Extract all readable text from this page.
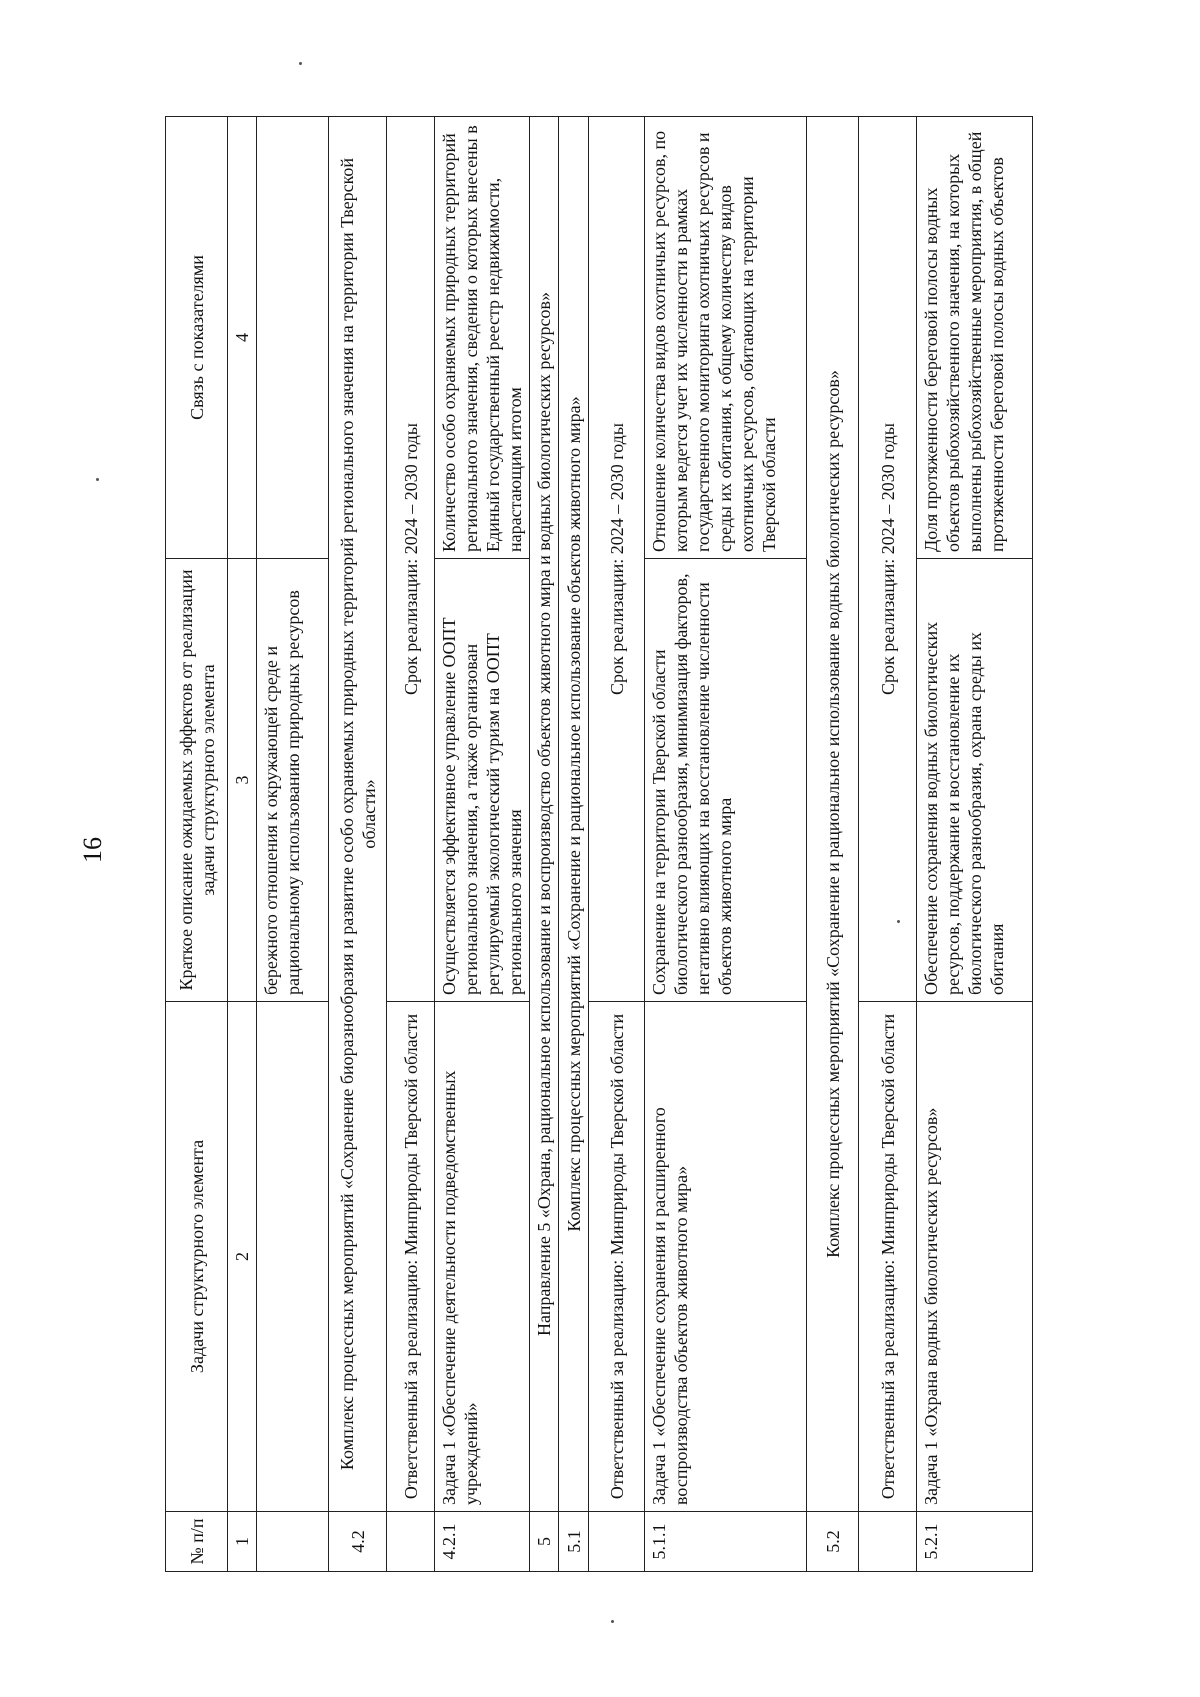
16
№ п/п	Задачи структурного элемента	Краткое описание ожидаемых эффектов от реализации задачи структурного элемента	Связь с показателями
1	2	3	4
		бережного отношения к окружающей среде и рациональному использованию природных ресурсов	
4.2	Комплекс процессных мероприятий «Сохранение биоразнообразия и развитие особо охраняемых природных территорий регионального значения на территории Тверской области»		
	Ответственный за реализацию: Минприроды Тверской области	Срок реализации: 2024 – 2030 годы	
4.2.1	Задача 1 «Обеспечение деятельности подведомственных учреждений»	Осуществляется эффективное управление ООПТ регионального значения, а также организован регулируемый экологический туризм на ООПТ регионального значения	Количество особо охраняемых природных территорий регионального значения, сведения о которых внесены в Единый государственный реестр недвижимости, нарастающим итогом
5	Направление 5 «Охрана, рациональное использование и воспроизводство объектов животного мира и водных биологических ресурсов»		
5.1	Комплекс процессных мероприятий «Сохранение и рациональное использование объектов животного мира»		
	Ответственный за реализацию: Минприроды Тверской области	Срок реализации: 2024 – 2030 годы	
5.1.1	Задача 1 «Обеспечение сохранения и расширенного воспроизводства объектов животного мира»	Сохранение на территории Тверской области биологического разнообразия, минимизация факторов, негативно влияющих на восстановление численности объектов животного мира	Отношение количества видов охотничьих ресурсов, по которым ведется учет их численности в рамках государственного мониторинга охотничьих ресурсов и среды их обитания, к общему количеству видов охотничьих ресурсов, обитающих на территории Тверской области
5.2	Комплекс процессных мероприятий «Сохранение и рациональное использование водных биологических ресурсов»		
	Ответственный за реализацию: Минприроды Тверской области	Срок реализации: 2024 – 2030 годы	
5.2.1	Задача 1 «Охрана водных биологических ресурсов»	Обеспечение сохранения водных биологических ресурсов, поддержание и восстановление их биологического разнообразия, охрана среды их обитания	Доля протяженности береговой полосы водных объектов рыбохозяйственного значения, на которых выполнены рыбохозяйственные мероприятия, в общей протяженности береговой полосы водных объектов
